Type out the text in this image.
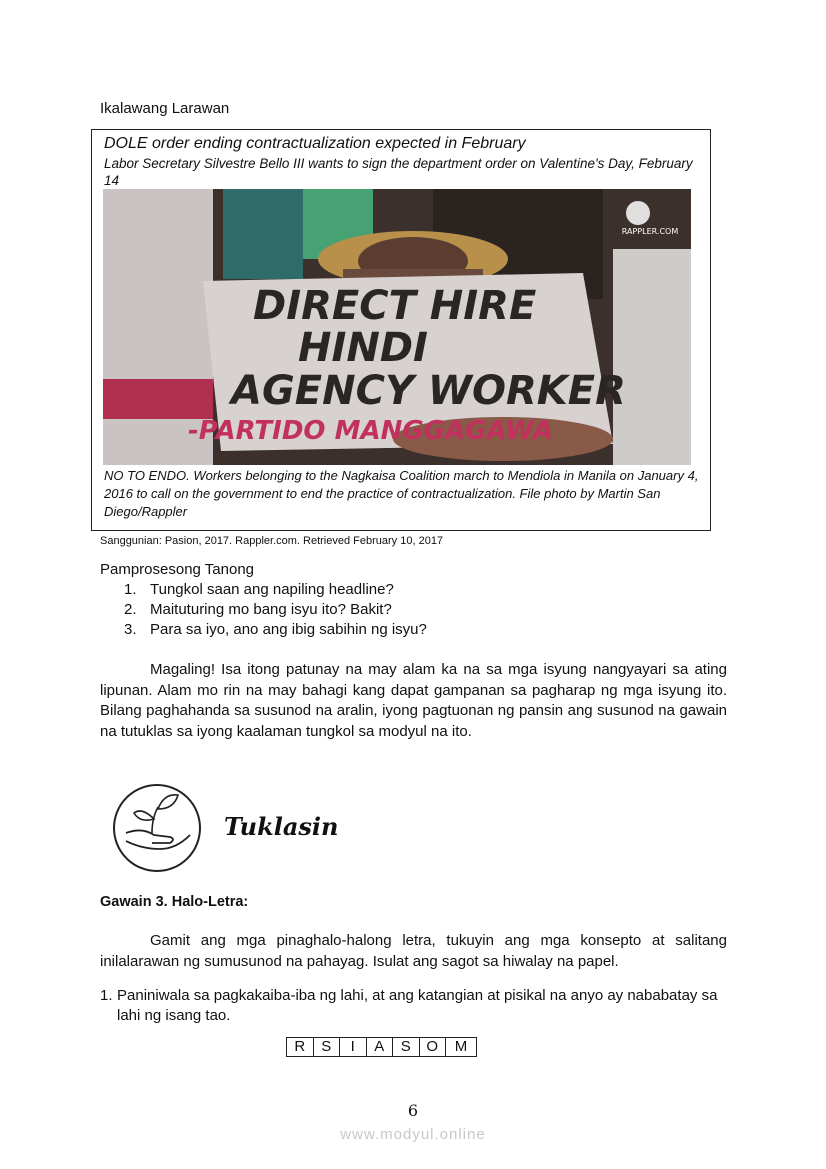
Ikalawang Larawan
DOLE order ending contractualization expected in February
Labor Secretary Silvestre Bello III wants to sign the department order on Valentine's Day, February 14
DIRECT HIRE
HINDI
AGENCY WORKER
-PARTIDO MANGGAGAWA
RAPPLER.COM
NO TO ENDO. Workers belonging to the Nagkaisa Coalition march to Mendiola in Manila on January 4, 2016 to call on the government to end the practice of contractualization. File photo by Martin San Diego/Rappler
Sanggunian: Pasion, 2017. Rappler.com. Retrieved February 10, 2017
Pamprosesong Tanong
1. Tungkol saan ang napiling headline?
2. Maituturing mo bang isyu ito? Bakit?
3. Para sa iyo, ano ang ibig sabihin ng isyu?

Magaling! Isa itong patunay na may alam ka na sa mga isyung nangyayari sa ating lipunan. Alam mo rin na may bahagi kang dapat gampanan sa pagharap ng mga isyung ito. Bilang paghahanda sa susunod na aralin, iyong pagtuonan ng pansin ang susunod na gawain na tutuklas sa iyong kaalaman tungkol sa modyul na ito.

Tuklasin
Gawain 3. Halo-Letra:

Gamit ang mga pinaghalo-halong letra, tukuyin ang mga konsepto at salitang inilalarawan ng sumusunod na pahayag. Isulat ang sagot sa hiwalay na papel.

1. Paniniwala sa pagkakaiba-iba ng lahi, at ang katangian at pisikal na anyo ay nababatay sa lahi ng isang tao.
R	S	I	A	S	O	M
6
www.modyul.online
